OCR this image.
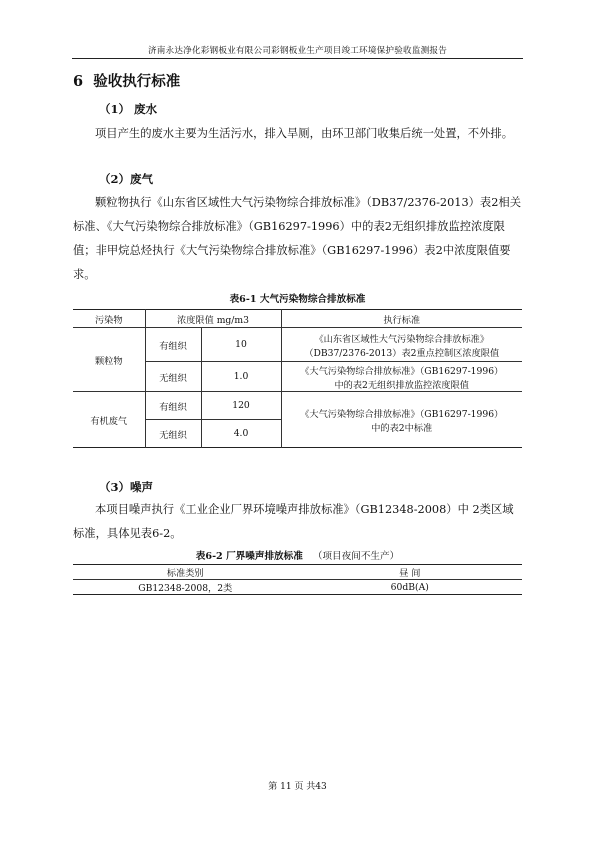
济南永达净化彩钢板业有限公司彩钢板业生产项目竣工环境保护验收监测报告
6 验收执行标准
（1） 废水

项目产生的废水主要为生活污水，排入旱厕，由环卫部门收集后统一处置，不外排。

（2）废气

颗粒物执行《山东省区域性大气污染物综合排放标准》（DB37/2376-2013）表2相关标准、《大气污染物综合排放标准》（GB16297-1996）中的表2无组织排放监控浓度限值；非甲烷总烃执行《大气污染物综合排放标准》（GB16297-1996）表2中浓度限值要求。

表6-1 大气污染物综合排放标准
污染物	浓度限值 mg/m3		执行标准
颗粒物	有组织	10	《山东省区域性大气污染物综合排放标准》
（DB37/2376-2013）表2重点控制区浓度限值

	无组织	1.0	《大气污染物综合排放标准》（GB16297-1996）
中的表2无组织排放监控浓度限值

有机废气	有组织	120	《大气污染物综合排放标准》（GB16297-1996）
中的表2中标准

	无组织	4.0	
（3）噪声

本项目噪声执行《工业企业厂界环境噪声排放标准》（GB12348-2008）中 2类区域标准，具体见表6-2。

表6-2 厂界噪声排放标准 （项目夜间不生产）
标准类别	昼 间
GB12348-2008，2类	60dB(A)
第 11 页 共43
